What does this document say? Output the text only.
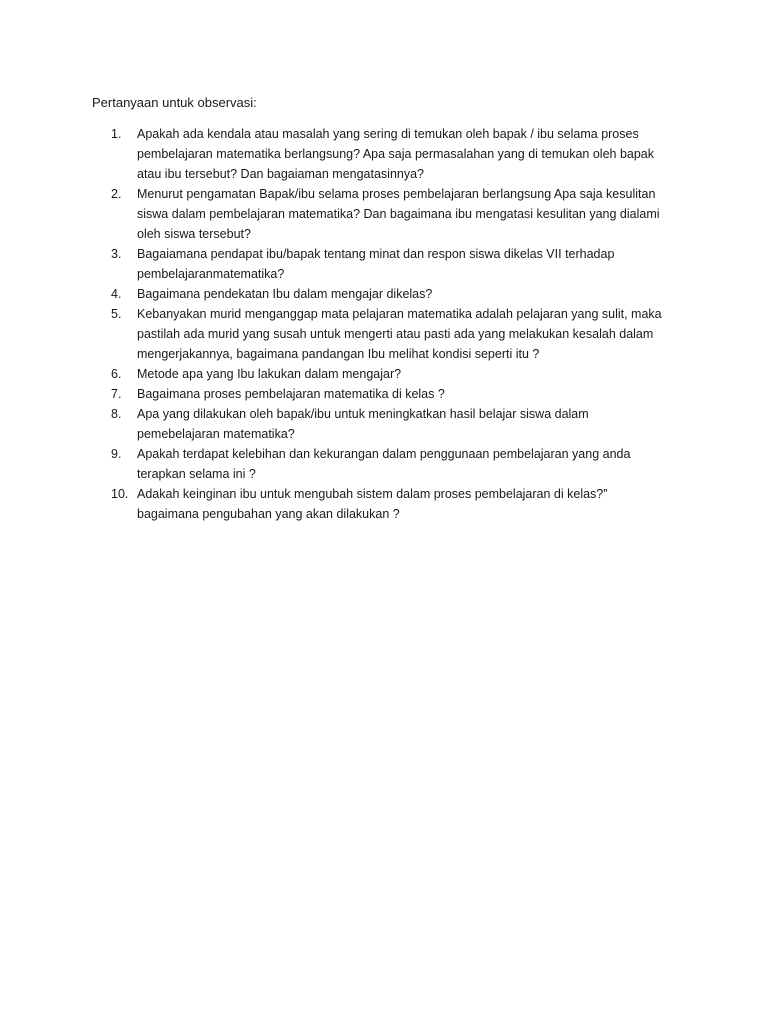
Pertanyaan untuk observasi:
1. Apakah ada kendala atau masalah yang sering di temukan oleh bapak / ibu selama proses
pembelajaran matematika berlangsung? Apa saja permasalahan yang di temukan oleh bapak
atau ibu tersebut? Dan bagaiaman mengatasinnya?
2. Menurut pengamatan Bapak/ibu selama proses pembelajaran berlangsung Apa saja kesulitan
siswa dalam pembelajaran matematika? Dan bagaimana ibu mengatasi kesulitan yang dialami
oleh siswa tersebut?
3. Bagaiamana pendapat ibu/bapak tentang minat dan respon siswa dikelas VII terhadap
pembelajaranmatematika?
4. Bagaimana pendekatan Ibu dalam mengajar dikelas?
5. Kebanyakan murid menganggap mata pelajaran matematika adalah pelajaran yang sulit, maka
pastilah ada murid yang susah untuk mengerti atau pasti ada yang melakukan kesalah dalam
mengerjakannya, bagaimana pandangan Ibu melihat kondisi seperti itu ?
6. Metode apa yang Ibu lakukan dalam mengajar?
7. Bagaimana proses pembelajaran matematika di kelas ?
8. Apa yang dilakukan oleh bapak/ibu untuk meningkatkan hasil belajar siswa dalam
pemebelajaran matematika?
9. Apakah terdapat kelebihan dan kekurangan dalam penggunaan pembelajaran yang anda
terapkan selama ini ?
10. Adakah keinginan ibu untuk mengubah sistem dalam proses pembelajaran di kelas?”
bagaimana pengubahan yang akan dilakukan ?
